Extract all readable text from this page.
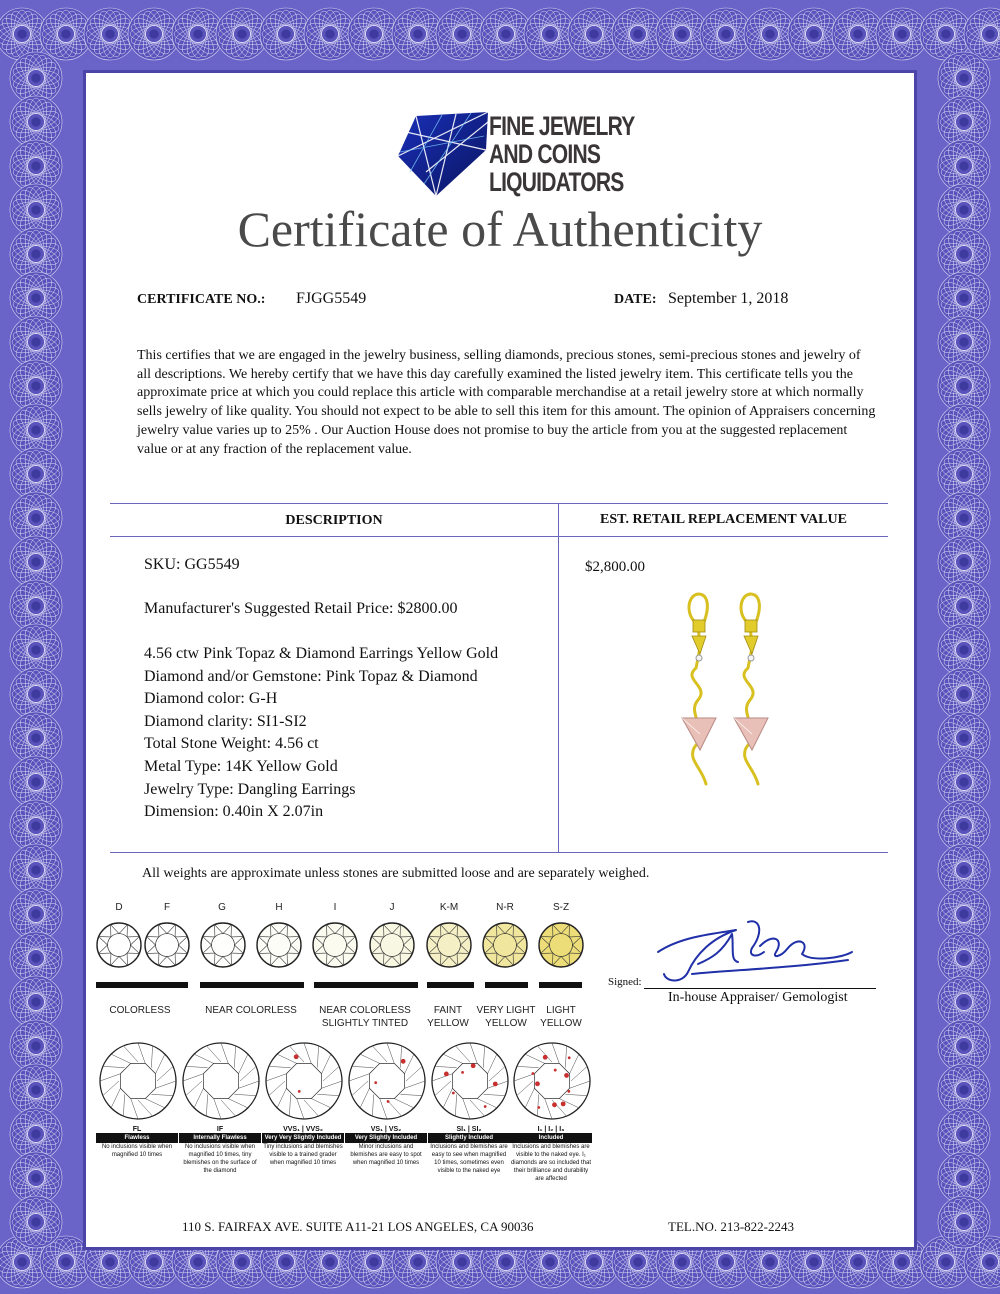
FINE JEWELRY
AND COINS
LIQUIDATORS
Certificate of Authenticity
CERTIFICATE NO.: FJGG5549	DATE: September 1, 2018
This certifies that we are engaged in the jewelry business, selling diamonds, precious stones, semi-precious stones and jewelry of all descriptions. We hereby certify that we have this day carefully examined the listed jewelry item. This certificate tells you the approximate price at which you could replace this article with comparable merchandise at a retail jewelry store at which normally sells jewelry of like quality. You should not expect to be able to sell this item for this amount. The opinion of Appraisers concerning jewelry value varies up to 25% . Our Auction House does not promise to buy the article from you at the suggested replacement value or at any fraction of the replacement value.
DESCRIPTION	EST. RETAIL REPLACEMENT VALUE
SKU: GG5549
Manufacturer's Suggested Retail Price: $2800.00
4.56 ctw Pink Topaz & Diamond Earrings Yellow Gold
Diamond and/or Gemstone: Pink Topaz & Diamond
Diamond color: G-H
Diamond clarity: SI1-SI2
Total Stone Weight: 4.56 ct
Metal Type: 14K Yellow Gold
Jewelry Type: Dangling Earrings
Dimension: 0.40in X 2.07in
$2,800.00
All weights are approximate unless stones are submitted loose and are separately weighed.
D	F	G	H	I	J	K-M	N-R	S-Z
COLORLESS	NEAR COLORLESS	NEAR COLORLESS
SLIGHTLY TINTED
FAINT
YELLOW
VERY LIGHT
YELLOW
LIGHT
YELLOW
FL
Flawless
No inclusions visible when magnified 10 times
IF
Internally Flawless
No inclusions visible when magnified 10 times, tiny blemishes on the surface of the diamond
VVS₁ | VVS₂
Very Very Slightly Included
Tiny inclusions and blemishes visible to a trained grader when magnified 10 times
VS₁ | VS₂
Very Slightly Included
Minor inclusions and blemishes are easy to spot when magnified 10 times
SI₁ | SI₂
Slightly Included
Inclusions and blemishes are easy to see when magnified 10 times, sometimes even visible to the naked eye
I₁ | I₂ | I₃
Included
Inclusions and blemishes are visible to the naked eye. I₁ diamonds are so included that their brilliance and durability are affected
Signed:
In-house Appraiser/ Gemologist
110 S. FAIRFAX AVE. SUITE A11-21 LOS ANGELES, CA 90036	TEL.NO. 213-822-2243
